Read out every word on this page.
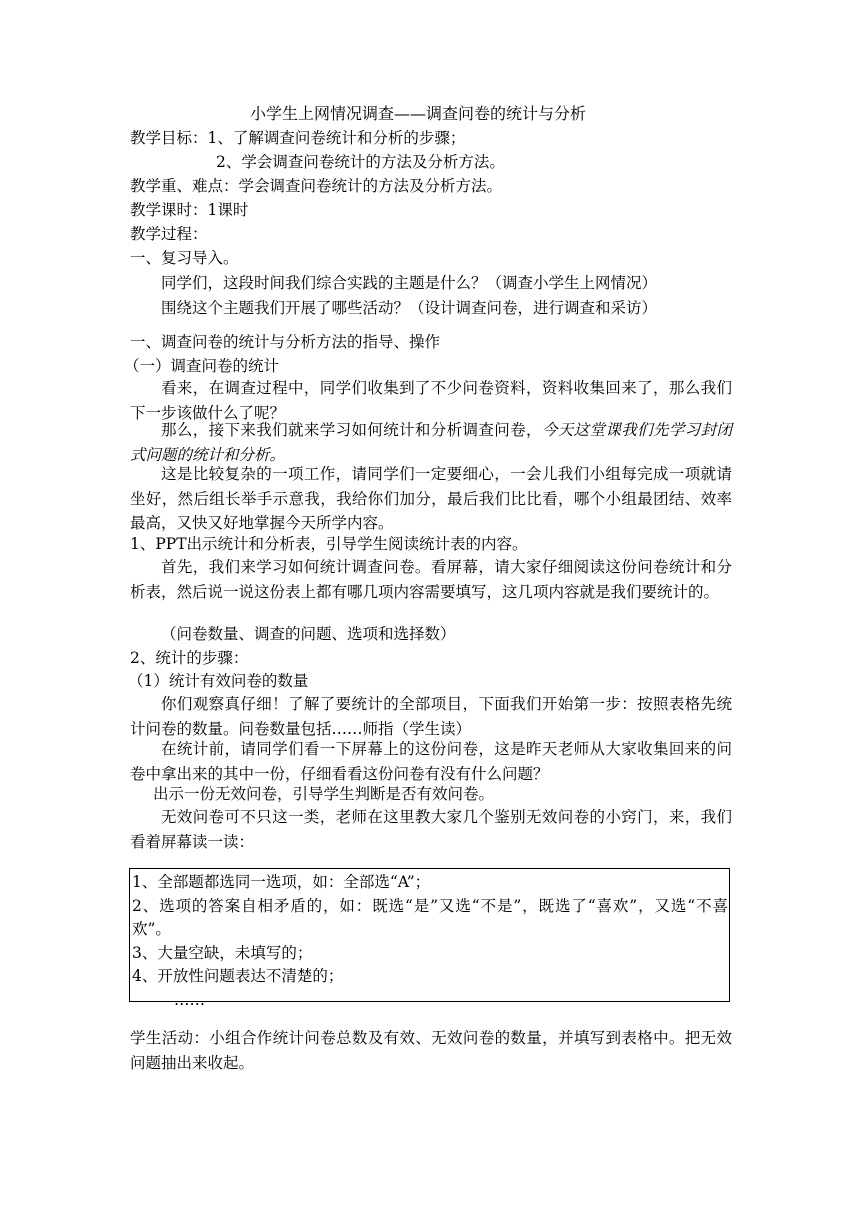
小学生上网情况调查——调查问卷的统计与分析
教学目标：1、了解调查问卷统计和分析的步骤；
2、学会调查问卷统计的方法及分析方法。
教学重、难点：学会调查问卷统计的方法及分析方法。
教学课时：1课时
教学过程：
一、复习导入。
同学们，这段时间我们综合实践的主题是什么？（调查小学生上网情况）
围绕这个主题我们开展了哪些活动？（设计调查问卷，进行调查和采访）
一、调查问卷的统计与分析方法的指导、操作
（一）调查问卷的统计
看来，在调查过程中，同学们收集到了不少问卷资料，资料收集回来了，那么我们下一步该做什么了呢？
那么，接下来我们就来学习如何统计和分析调查问卷，今天这堂课我们先学习封闭式问题的统计和分析。
这是比较复杂的一项工作，请同学们一定要细心，一会儿我们小组每完成一项就请坐好，然后组长举手示意我，我给你们加分，最后我们比比看，哪个小组最团结、效率最高，又快又好地掌握今天所学内容。
1、PPT出示统计和分析表，引导学生阅读统计表的内容。
首先，我们来学习如何统计调查问卷。看屏幕，请大家仔细阅读这份问卷统计和分析表，然后说一说这份表上都有哪几项内容需要填写，这几项内容就是我们要统计的。
（问卷数量、调查的问题、选项和选择数）
2、统计的步骤：
（1）统计有效问卷的数量
你们观察真仔细！了解了要统计的全部项目，下面我们开始第一步：按照表格先统计问卷的数量。问卷数量包括……师指（学生读）
在统计前，请同学们看一下屏幕上的这份问卷，这是昨天老师从大家收集回来的问卷中拿出来的其中一份，仔细看看这份问卷有没有什么问题？
出示一份无效问卷，引导学生判断是否有效问卷。
无效问卷可不只这一类，老师在这里教大家几个鉴别无效问卷的小窍门，来，我们看着屏幕读一读：
1、全部题都选同一选项，如：全部选“A”；
2、选项的答案自相矛盾的，如：既选“是”又选“不是”，既选了“喜欢”，又选“不喜欢”。
3、大量空缺，未填写的；
4、开放性问题表达不清楚的；
……
学生活动：小组合作统计问卷总数及有效、无效问卷的数量，并填写到表格中。把无效问题抽出来收起。
